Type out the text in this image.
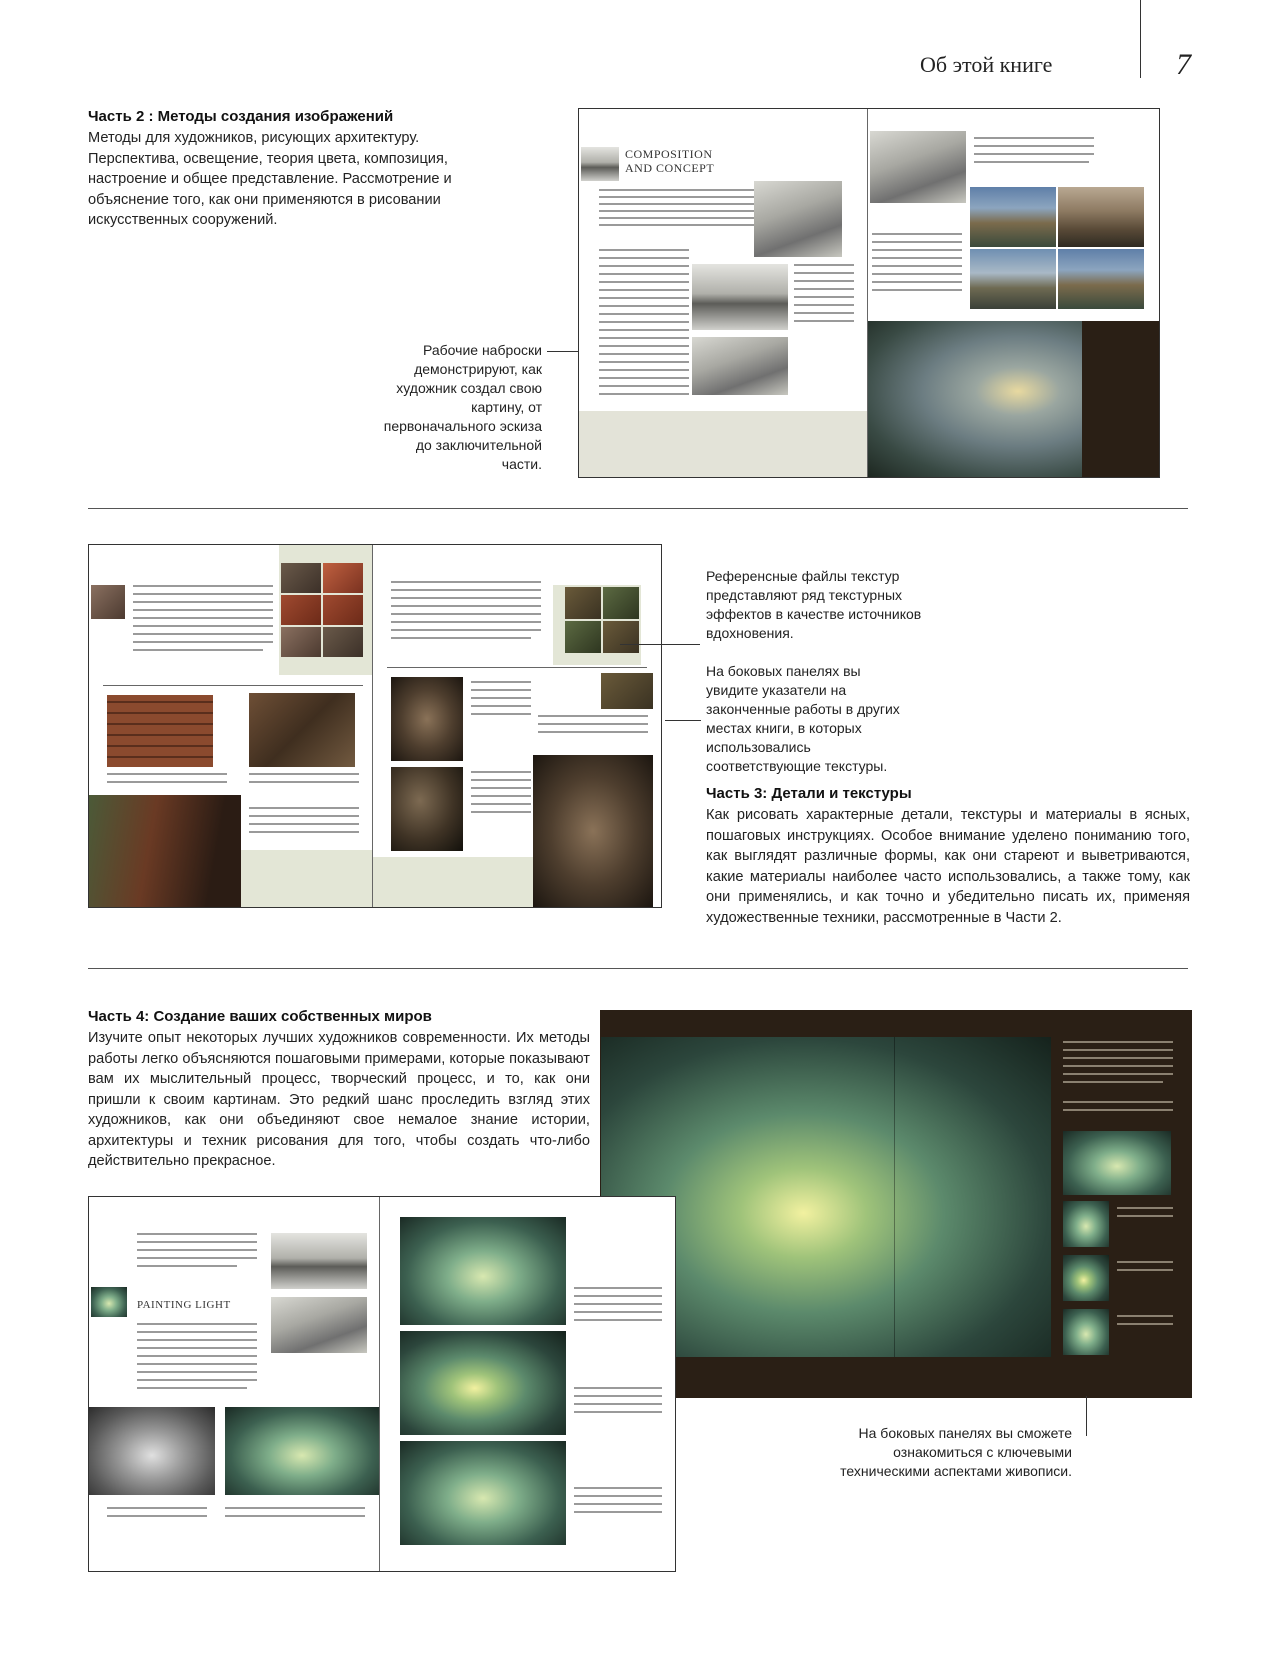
Об этой книге	7
Часть 2 : Методы создания изображений
Методы для художников, рисующих архитектуру. Перспектива, освещение, теория цвета, композиция, настроение и общее представление. Рассмотрение и объяснение того, как они применяются в рисовании искусственных сооружений.
Рабочие наброски демонстрируют, как художник создал свою картину, от первоначального эскиза до заключительной части.
COMPOSITION AND CONCEPT
Референсные файлы текстур представляют ряд текстурных эффектов в качестве источников вдохновения.
На боковых панелях вы увидите указатели на законченные работы в других местах книги, в которых использовались соответствующие текстуры.
Часть 3: Детали и текстуры
Как рисовать характерные детали, текстуры и материалы в ясных, пошаговых инструкциях. Особое внимание уделено пониманию того, как выглядят различные формы, как они стареют и выветриваются, какие материалы наиболее часто использовались, а также тому, как они применялись, и как точно и убедительно писать их, применяя художественные техники, рассмотренные в Части 2.
Часть 4: Создание ваших собственных миров
Изучите опыт некоторых лучших художников современности. Их методы работы легко объясняются пошаговыми примерами, которые показывают вам их мыслительный процесс, творческий процесс, и то, как они пришли к своим картинам. Это редкий шанс проследить взгляд этих художников, как они объединяют свое немалое знание истории, архитектуры и техник рисования для того, чтобы создать что-либо действительно прекрасное.
PAINTING LIGHT
На боковых панелях вы сможете ознакомиться с ключевыми техническими аспектами живописи.
